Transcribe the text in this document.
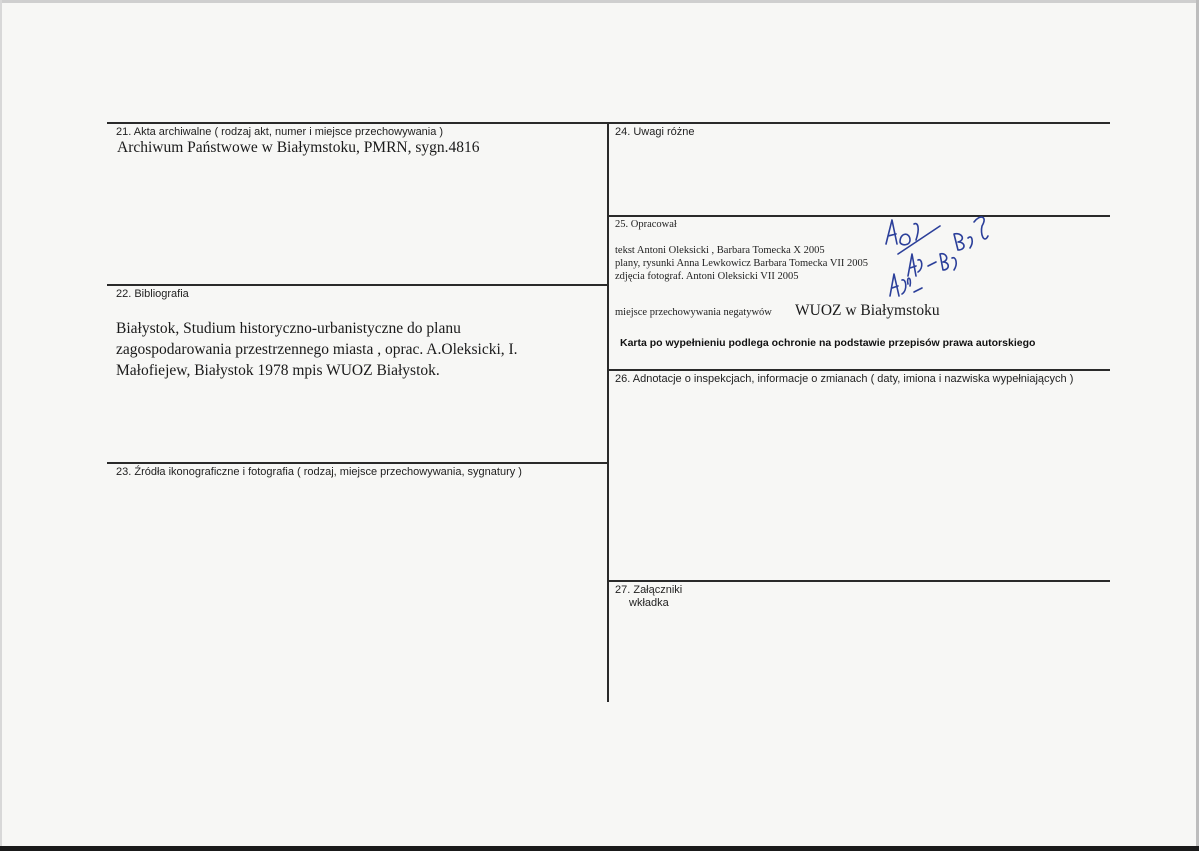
21. Akta archiwalne ( rodzaj akt, numer i miejsce przechowywania )
Archiwum Państwowe w Białymstoku, PMRN, sygn.4816
22. Bibliografia
Białystok, Studium historyczno-urbanistyczne do planu
zagospodarowania przestrzennego miasta , oprac. A.Oleksicki, I.
Małofiejew, Białystok 1978 mpis WUOZ Białystok.
23. Źródła ikonograficzne i fotografia ( rodzaj, miejsce przechowywania, sygnatury )
24. Uwagi różne
25. Opracował
tekst Antoni Oleksicki , Barbara Tomecka X 2005
plany, rysunki Anna Lewkowicz Barbara Tomecka VII 2005
zdjęcia fotograf. Antoni Oleksicki VII 2005
miejsce przechowywania negatywów WUOZ w Białymstoku
Karta po wypełnieniu podlega ochronie na podstawie przepisów prawa autorskiego
26. Adnotacje o inspekcjach, informacje o zmianach ( daty, imiona i nazwiska wypełniających )
27. Załączniki
wkładka
